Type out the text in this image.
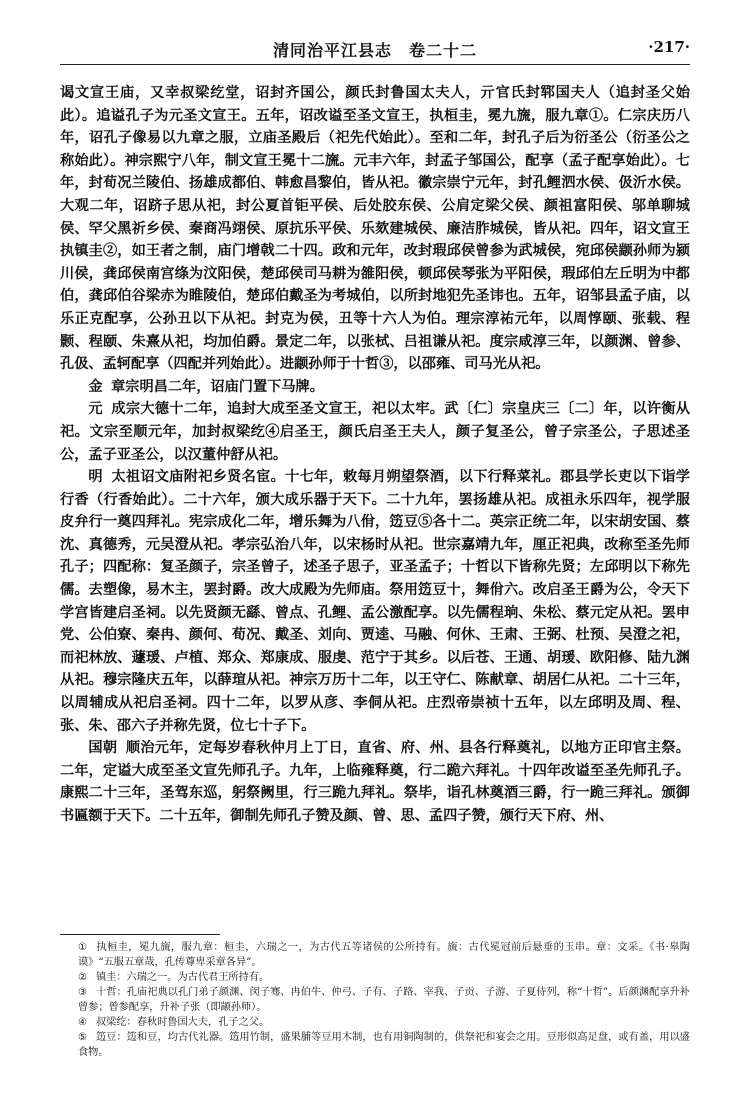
清同治平江县志　卷二十二	·217·

谒文宣王庙，又幸叔梁纥堂，诏封齐国公，颜氏封鲁国太夫人，亓官氏封郓国夫人（追封圣父始此）。追谥孔子为元圣文宣王。五年，诏改谥至圣文宣王，执桓圭，冕九旒，服九章①。仁宗庆历八年，诏孔子像易以九章之服，立庙圣殿后（祀先代始此）。至和二年，封孔子后为衍圣公（衍圣公之称始此）。神宗熙宁八年，制文宣王冕十二旒。元丰六年，封孟子邹国公，配享（孟子配享始此）。七年，封荀况兰陵伯、扬雄成都伯、韩愈昌黎伯，皆从祀。徽宗崇宁元年，封孔鲤泗水侯、伋沂水侯。大观二年，诏跻子思从祀，封公夏首钜平侯、后处胶东侯、公肩定梁父侯、颜祖富阳侯、邬单聊城侯、罕父黑祈乡侯、秦商冯翊侯、原抗乐平侯、乐欬建城侯、廉洁胙城侯，皆从祀。四年，诏文宣王执镇圭②，如王者之制，庙门增戟二十四。政和元年，改封瑕邱侯曾参为武城侯，宛邱侯颛孙师为颍川侯，龚邱侯南宫绦为汶阳侯，楚邱侯司马耕为雒阳侯，顿邱侯琴张为平阳侯，瑕邱伯左丘明为中都伯，龚邱伯谷梁赤为睢陵伯，楚邱伯戴圣为考城伯，以所封地犯先圣讳也。五年，诏邹县孟子庙，以乐正克配享，公孙丑以下从祀。封克为侯，丑等十六人为伯。理宗淳祐元年，以周惇颐、张载、程颢、程颐、朱熹从祀，均加伯爵。景定二年，以张栻、吕祖谦从祀。度宗咸淳三年，以颜渊、曾参、孔伋、孟轲配享（四配并列始此）。进颛孙师于十哲③，以邵雍、司马光从祀。

金 章宗明昌二年，诏庙门置下马牌。

元 成宗大德十二年，追封大成至圣文宣王，祀以太牢。武〔仁〕宗皇庆三〔二〕年，以许衡从祀。文宗至顺元年，加封叔梁纥④启圣王，颜氏启圣王夫人，颜子复圣公，曾子宗圣公，子思述圣公，孟子亚圣公，以汉董仲舒从祀。

明 太祖诏文庙附祀乡贤名宦。十七年，敕每月朔望祭酒，以下行释菜礼。郡县学长吏以下诣学行香（行香始此）。二十六年，颁大成乐器于天下。二十九年，罢扬雄从祀。成祖永乐四年，视学服皮弁行一奠四拜礼。宪宗成化二年，增乐舞为八佾，笾豆⑤各十二。英宗正统二年，以宋胡安国、蔡沈、真德秀，元吴澄从祀。孝宗弘治八年，以宋杨时从祀。世宗嘉靖九年，厘正祀典，改称至圣先师孔子；四配称：复圣颜子，宗圣曾子，述圣子思子，亚圣孟子；十哲以下皆称先贤；左邱明以下称先儒。去塑像，易木主，罢封爵。改大成殿为先师庙。祭用笾豆十，舞佾六。改启圣王爵为公，令天下学宫皆建启圣祠。以先贤颜无繇、曾点、孔鲤、孟公激配享。以先儒程珦、朱松、蔡元定从祀。罢申党、公伯寮、秦冉、颜何、荀况、戴圣、刘向、贾逵、马融、何休、王肃、王弼、杜预、吴澄之祀，而祀林放、蘧瑗、卢植、郑众、郑康成、服虔、范宁于其乡。以后苍、王通、胡瑗、欧阳修、陆九渊从祀。穆宗隆庆五年，以薛瑄从祀。神宗万历十二年，以王守仁、陈献章、胡居仁从祀。二十三年，以周辅成从祀启圣祠。四十二年，以罗从彦、李侗从祀。庄烈帝崇祯十五年，以左邱明及周、程、张、朱、邵六子并称先贤，位七十子下。

国朝 顺治元年，定每岁春秋仲月上丁日，直省、府、州、县各行释奠礼，以地方正印官主祭。二年，定谥大成至圣文宣先师孔子。九年，上临雍释奠，行二跪六拜礼。十四年改谥至圣先师孔子。康熙二十三年，圣驾东巡，躬祭阙里，行三跪九拜礼。祭毕，诣孔林奠酒三爵，行一跪三拜礼。颁御书匾额于天下。二十五年，御制先师孔子赞及颜、曾、思、孟四子赞，颁行天下府、州、

① 执桓圭，冕九旒，服九章：桓圭，六瑞之一，为古代五等诸侯的公所持有。旒：古代冕冠前后悬垂的玉串。章：文采。《书·皋陶谟》“五服五章哉，孔传尊卑采章各异”。

② 镇圭：六瑞之一。为古代君王所持有。

③ 十哲：孔庙祀典以孔门弟子颜渊、闵子骞、冉伯牛、仲弓、子有、子路、宰我、子贡、子游、子夏侍列，称“十哲”。后颜渊配享升补曾参；曾参配享，升补子张（即颛孙师）。

④ 叔梁纥：春秋时鲁国大夫，孔子之父。

⑤ 笾豆：笾和豆，均古代礼器。笾用竹制，盛果脯等豆用木制，也有用铜陶制的，供祭祀和宴会之用。豆形似高足盘，或有盖，用以盛食物。
